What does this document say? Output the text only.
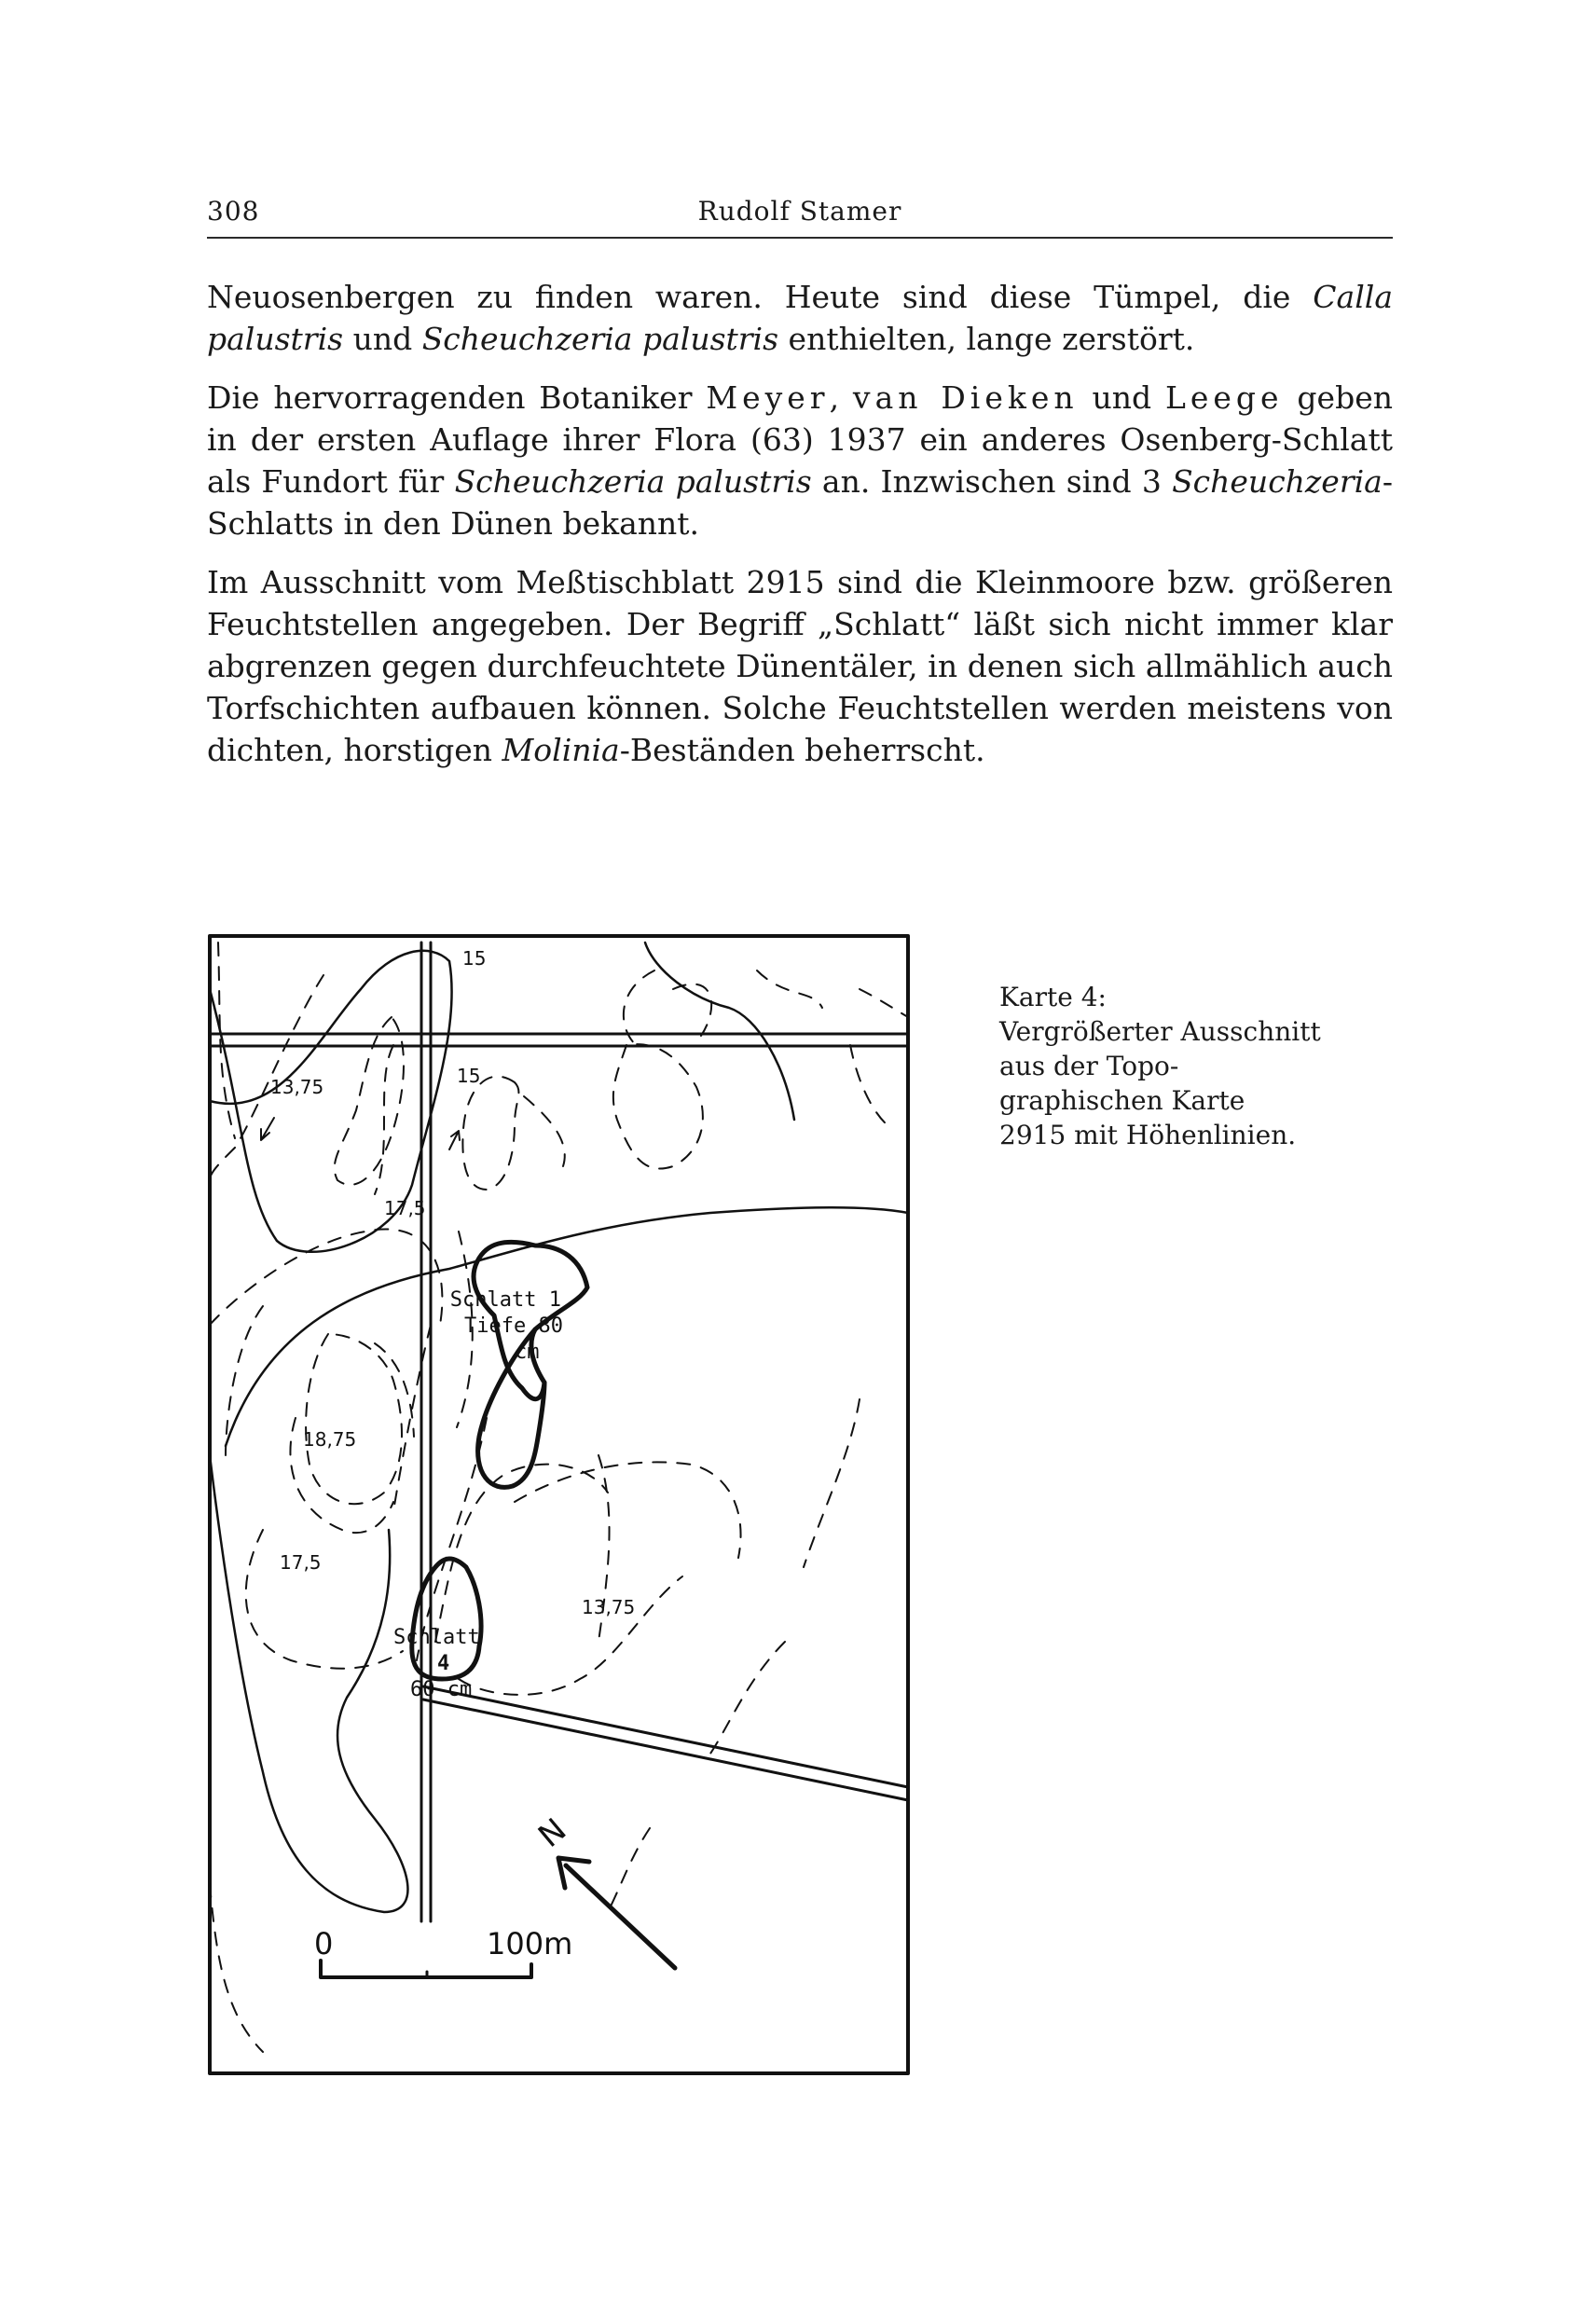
308	Rudolf Stamer

Neuosenbergen zu finden waren. Heute sind diese Tümpel, die Calla palustris und Scheuchzeria palustris enthielten, lange zerstört.

Die hervorragenden Botaniker Meyer, van Dieken und Leege geben in der ersten Auflage ihrer Flora (63) 1937 ein anderes Osenberg-Schlatt als Fundort für Scheuchzeria palustris an. Inzwischen sind 3 Scheuchzeria-Schlatts in den Dünen bekannt.

Im Ausschnitt vom Meßtischblatt 2915 sind die Kleinmoore bzw. größeren Feuchtstellen angegeben. Der Begriff „Schlatt“ läßt sich nicht immer klar abgrenzen gegen durchfeuchtete Dünentäler, in denen sich allmählich auch Torfschichten aufbauen können. Solche Feuchtstellen werden meistens von dichten, horstigen Molinia-Beständen beherrscht.

15
15
13,75
17,5
18,75
17,5
13,75
Schlatt 1
Tiefe 80
cm
Schlatt
4
60 cm
N
0	100m
Karte 4:
Vergrößerter Ausschnitt
aus der Topo-
graphischen Karte
2915 mit Höhenlinien.
